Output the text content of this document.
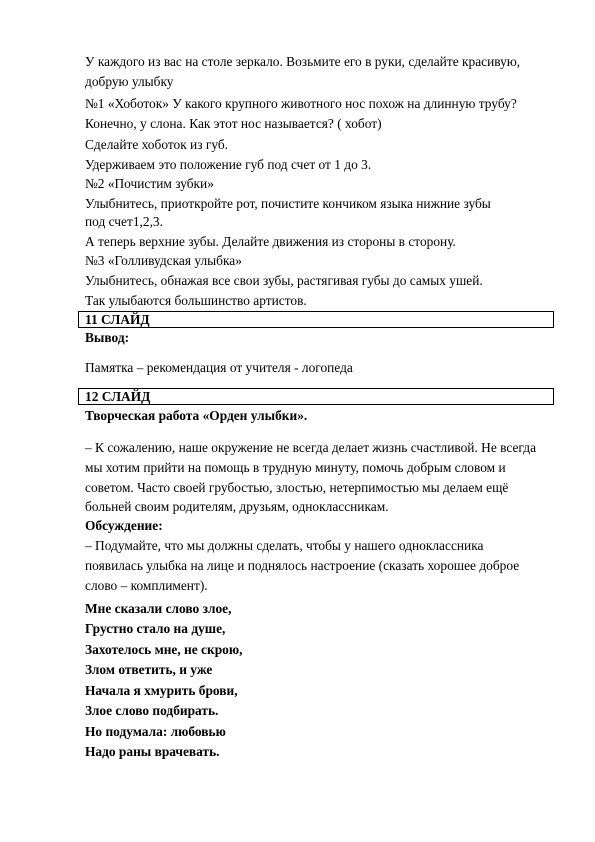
У каждого из вас на столе зеркало. Возьмите его в руки, сделайте красивую,
добрую улыбку
№1 «Хоботок» У какого крупного животного нос похож на длинную трубу?
Конечно, у слона. Как этот нос называется? ( хобот)
Сделайте хоботок из губ.
Удерживаем это положение губ под счет от 1 до 3.
№2 «Почистим зубки»
Улыбнитесь, приоткройте рот, почистите кончиком языка нижние зубы
под счет1,2,3.
А теперь верхние зубы. Делайте движения из стороны в сторону.
№3 «Голливудская улыбка»
Улыбнитесь, обнажая все свои зубы, растягивая губы до самых ушей.
Так улыбаются большинство артистов.
11 СЛАЙД
Вывод:
Памятка – рекомендация от учителя - логопеда
12 СЛАЙД
Творческая работа «Орден улыбки».
– К сожалению, наше окружение не всегда делает жизнь счастливой. Не всегда
мы хотим прийти на помощь в трудную минуту, помочь добрым словом и
советом. Часто своей грубостью, злостью, нетерпимостью мы делаем ещё
больней своим родителям, друзьям, одноклассникам.
Обсуждение:
– Подумайте, что мы должны сделать, чтобы у нашего одноклассника
появилась улыбка на лице и поднялось настроение (сказать хорошее доброе
слово – комплимент).
Мне сказали слово злое,
Грустно стало на душе,
Захотелось мне, не скрою,
Злом ответить, и уже
Начала я хмурить брови,
Злое слово подбирать.
Но подумала: любовью
Надо раны врачевать.
